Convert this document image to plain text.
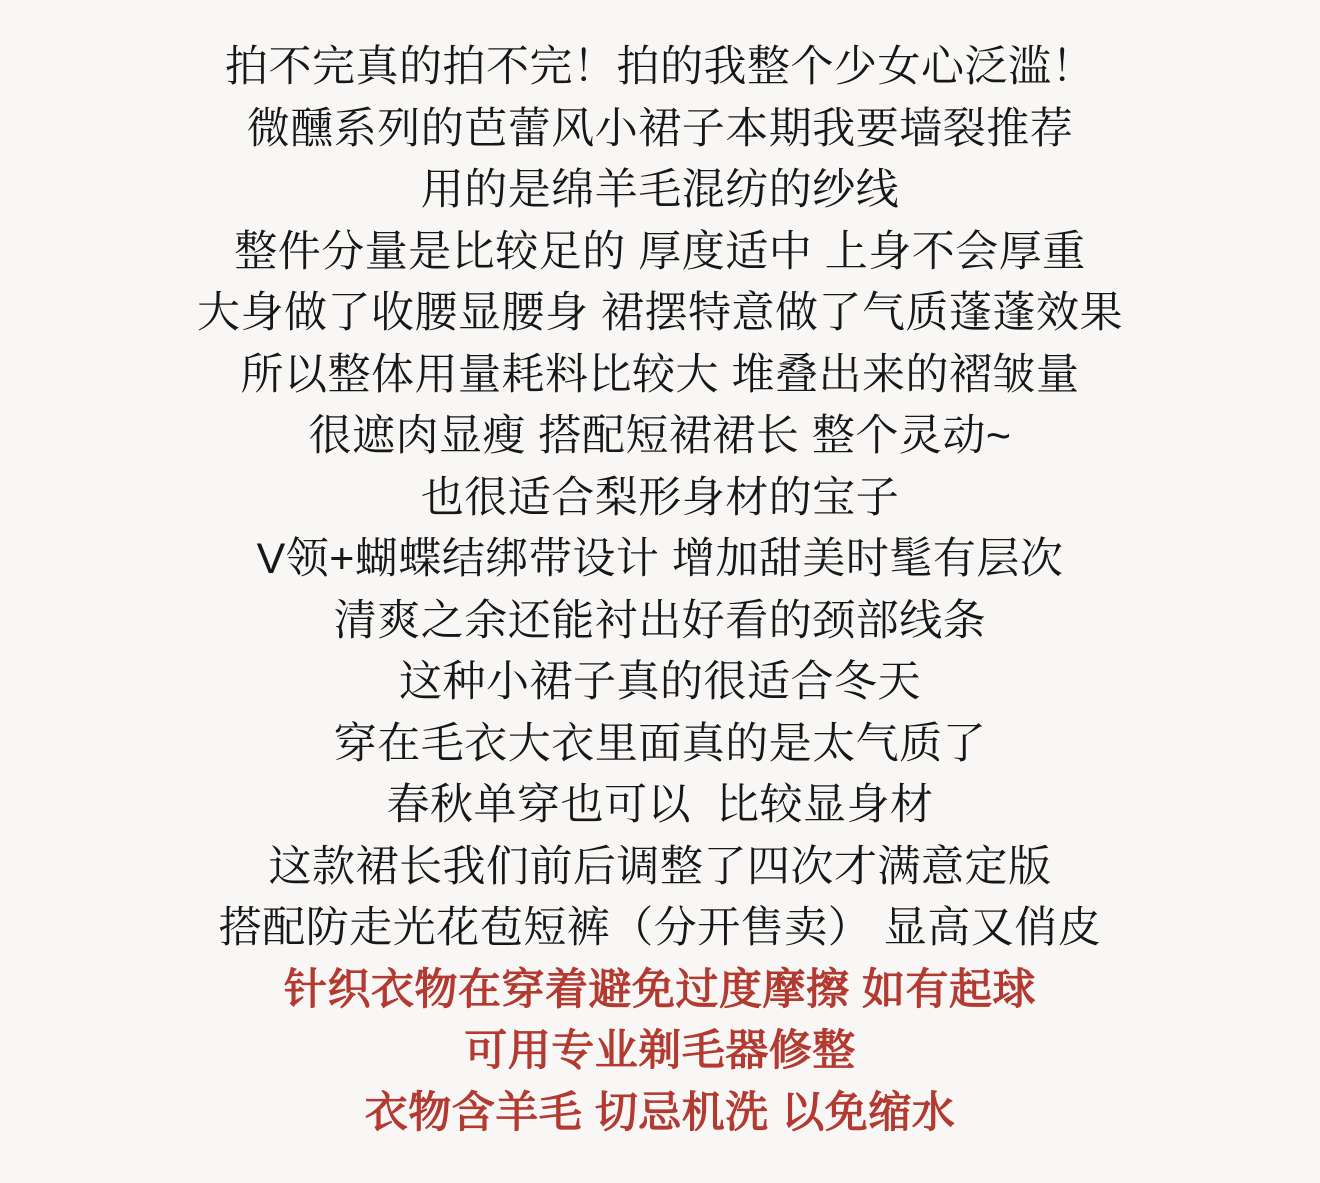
拍不完真的拍不完！拍的我整个少女心泛滥！

微醺系列的芭蕾风小裙子本期我要墙裂推荐

用的是绵羊毛混纺的纱线

整件分量是比较足的 厚度适中 上身不会厚重

大身做了收腰显腰身 裙摆特意做了气质蓬蓬效果

所以整体用量耗料比较大 堆叠出来的褶皱量

很遮肉显瘦 搭配短裙裙长 整个灵动~

也很适合梨形身材的宝子

V领+蝴蝶结绑带设计 增加甜美时髦有层次

清爽之余还能衬出好看的颈部线条

这种小裙子真的很适合冬天

穿在毛衣大衣里面真的是太气质了

春秋单穿也可以  比较显身材

这款裙长我们前后调整了四次才满意定版

搭配防走光花苞短裤（分开售卖） 显高又俏皮

针织衣物在穿着避免过度摩擦 如有起球

可用专业剃毛器修整

衣物含羊毛 切忌机洗 以免缩水
